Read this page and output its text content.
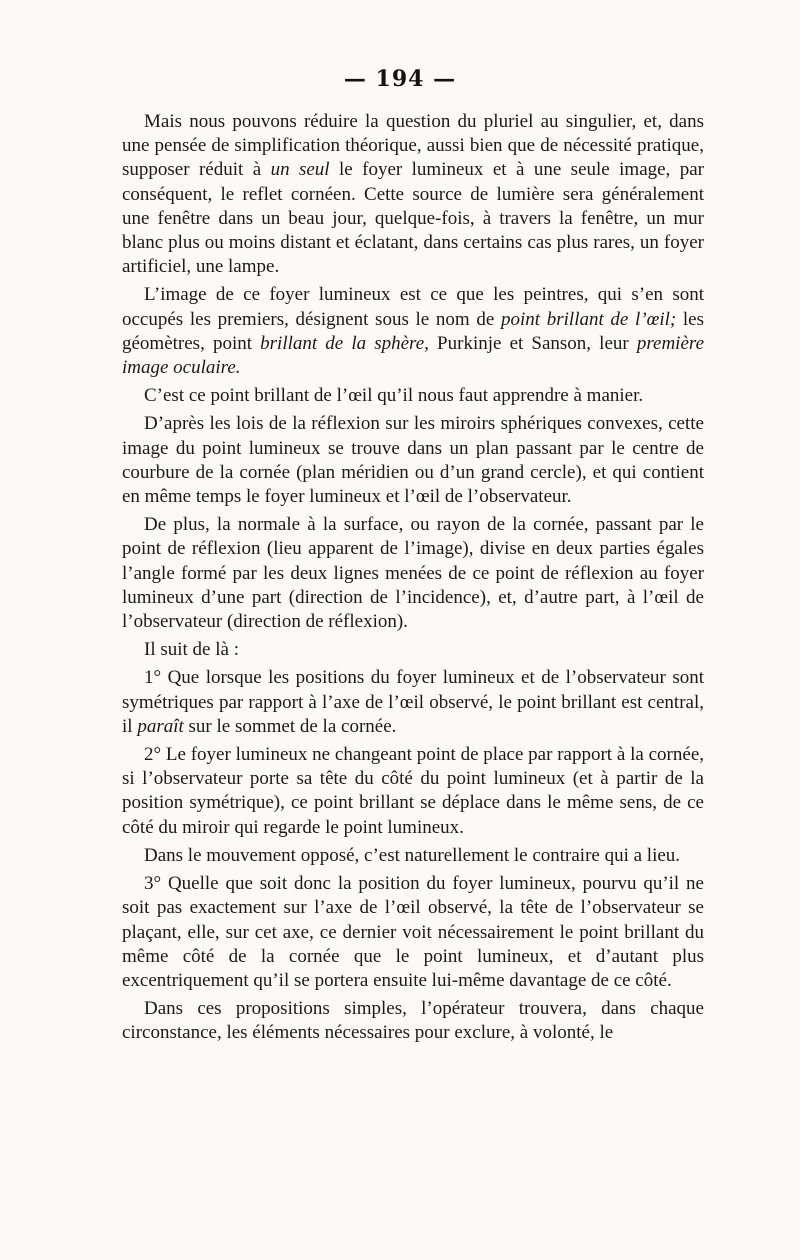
— 194 —

Mais nous pouvons réduire la question du pluriel au singulier, et, dans une pensée de simplification théorique, aussi bien que de nécessité pratique, supposer réduit à un seul le foyer lumineux et à une seule image, par conséquent, le reflet cornéen. Cette source de lumière sera généralement une fenêtre dans un beau jour, quelque-fois, à travers la fenêtre, un mur blanc plus ou moins distant et éclatant, dans certains cas plus rares, un foyer artificiel, une lampe.

L’image de ce foyer lumineux est ce que les peintres, qui s’en sont occupés les premiers, désignent sous le nom de point brillant de l’œil; les géomètres, point brillant de la sphère, Purkinje et Sanson, leur première image oculaire.

C’est ce point brillant de l’œil qu’il nous faut apprendre à manier.

D’après les lois de la réflexion sur les miroirs sphériques convexes, cette image du point lumineux se trouve dans un plan passant par le centre de courbure de la cornée (plan méridien ou d’un grand cercle), et qui contient en même temps le foyer lumineux et l’œil de l’observateur.

De plus, la normale à la surface, ou rayon de la cornée, passant par le point de réflexion (lieu apparent de l’image), divise en deux parties égales l’angle formé par les deux lignes menées de ce point de réflexion au foyer lumineux d’une part (direction de l’incidence), et, d’autre part, à l’œil de l’observateur (direction de réflexion).

Il suit de là :

1° Que lorsque les positions du foyer lumineux et de l’observateur sont symétriques par rapport à l’axe de l’œil observé, le point brillant est central, il paraît sur le sommet de la cornée.

2° Le foyer lumineux ne changeant point de place par rapport à la cornée, si l’observateur porte sa tête du côté du point lumineux (et à partir de la position symétrique), ce point brillant se déplace dans le même sens, de ce côté du miroir qui regarde le point lumineux.

Dans le mouvement opposé, c’est naturellement le contraire qui a lieu.

3° Quelle que soit donc la position du foyer lumineux, pourvu qu’il ne soit pas exactement sur l’axe de l’œil observé, la tête de l’observateur se plaçant, elle, sur cet axe, ce dernier voit nécessairement le point brillant du même côté de la cornée que le point lumineux, et d’autant plus excentriquement qu’il se portera ensuite lui-même davantage de ce côté.

Dans ces propositions simples, l’opérateur trouvera, dans chaque circonstance, les éléments nécessaires pour exclure, à volonté, le
